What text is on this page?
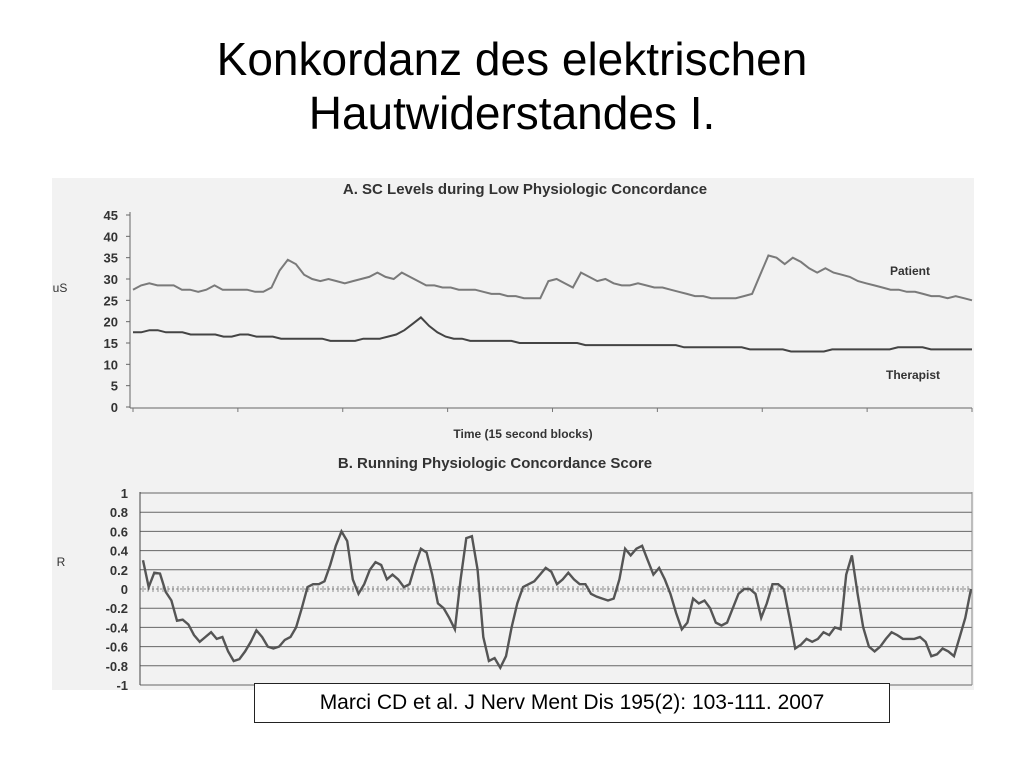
Konkordanz des elektrischen
Hautwiderstandes I.
A. SC Levels during Low Physiologic Concordance
uS
Time (15 second blocks)
0
5
10
15
20
25
30
35
40
45
Patient
Therapist
B. Running Physiologic Concordance Score
R
-1
-0.8
-0.6
-0.4
-0.2
0
0.2
0.4
0.6
0.8
1
Marci CD et al. J Nerv Ment Dis 195(2): 103-111. 2007
